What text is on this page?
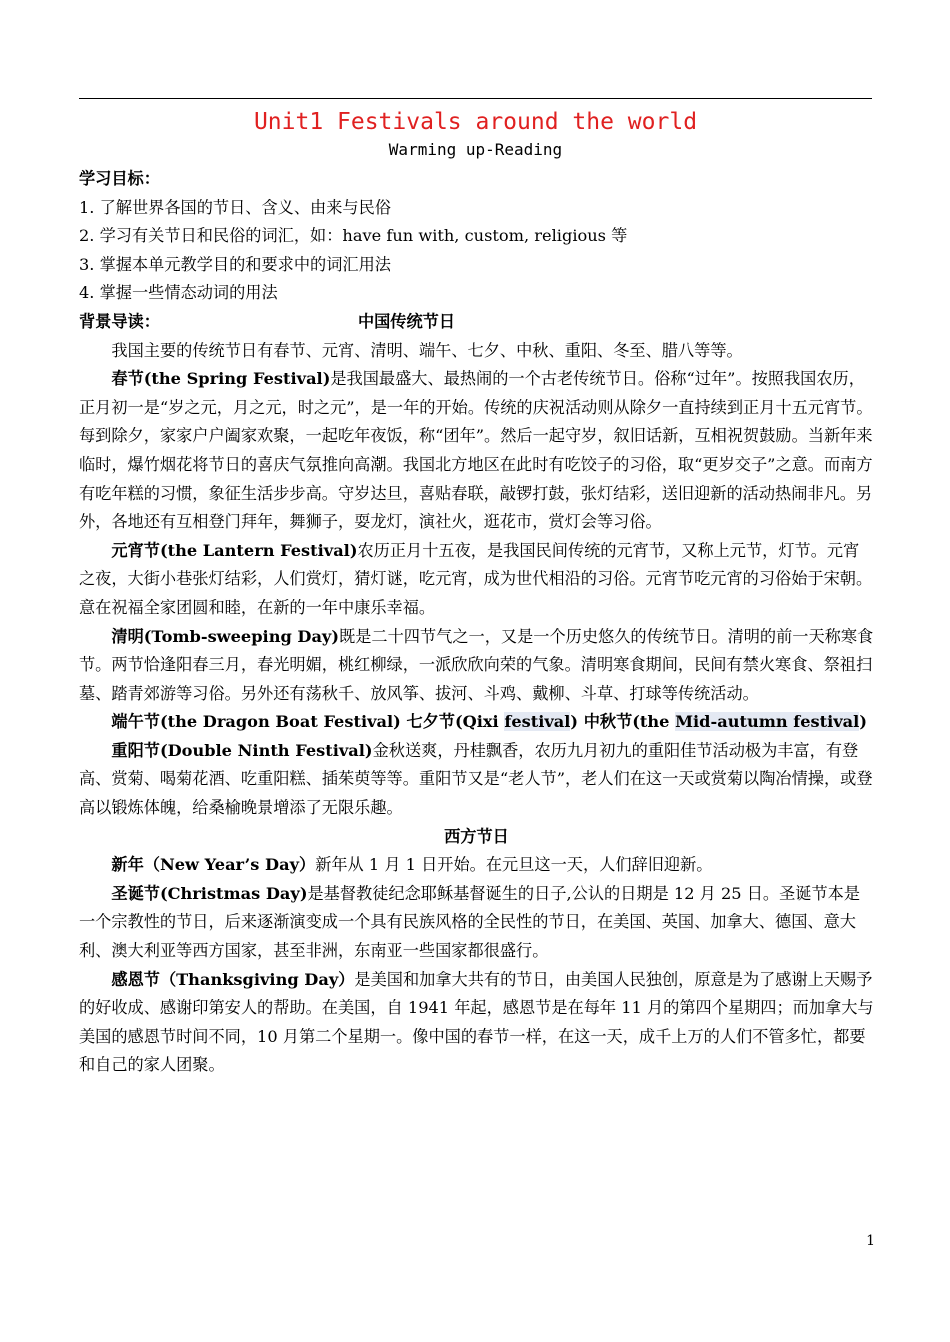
Unit1 Festivals around the world
Warming up-Reading

学习目标：

1. 了解世界各国的节日、含义、由来与民俗

2. 学习有关节日和民俗的词汇，如：have fun with, custom, religious 等

3. 掌握本单元教学目的和要求中的词汇用法

4. 掌握一些情态动词的用法

背景导读：	中国传统节日

我国主要的传统节日有春节、元宵、清明、端午、七夕、中秋、重阳、冬至、腊八等等。

春节(the Spring Festival)是我国最盛大、最热闹的一个古老传统节日。俗称“过年”。按照我国农历，正月初一是“岁之元，月之元，时之元”，是一年的开始。传统的庆祝活动则从除夕一直持续到正月十五元宵节。每到除夕，家家户户阖家欢聚，一起吃年夜饭，称“团年”。然后一起守岁，叙旧话新，互相祝贺鼓励。当新年来临时，爆竹烟花将节日的喜庆气氛推向高潮。我国北方地区在此时有吃饺子的习俗，取“更岁交子”之意。而南方有吃年糕的习惯，象征生活步步高。守岁达旦，喜贴春联，敲锣打鼓，张灯结彩，送旧迎新的活动热闹非凡。另外，各地还有互相登门拜年，舞狮子，耍龙灯，演社火，逛花市，赏灯会等习俗。

元宵节(the Lantern Festival)农历正月十五夜，是我国民间传统的元宵节，又称上元节，灯节。元宵之夜，大街小巷张灯结彩，人们赏灯，猜灯谜，吃元宵，成为世代相沿的习俗。元宵节吃元宵的习俗始于宋朝。意在祝福全家团圆和睦，在新的一年中康乐幸福。

清明(Tomb-sweeping Day)既是二十四节气之一，又是一个历史悠久的传统节日。清明的前一天称寒食节。两节恰逢阳春三月，春光明媚，桃红柳绿，一派欣欣向荣的气象。清明寒食期间，民间有禁火寒食、祭祖扫墓、踏青郊游等习俗。另外还有荡秋千、放风筝、拔河、斗鸡、戴柳、斗草、打球等传统活动。

端午节(the Dragon Boat Festival) 七夕节(Qixi festival) 中秋节(the Mid-autumn festival)

重阳节(Double Ninth Festival)金秋送爽，丹桂飘香，农历九月初九的重阳佳节活动极为丰富，有登高、赏菊、喝菊花酒、吃重阳糕、插茱萸等等。重阳节又是“老人节”，老人们在这一天或赏菊以陶冶情操，或登高以锻炼体魄，给桑榆晚景增添了无限乐趣。

西方节日

新年（New Year’s Day）新年从 1 月 1 日开始。在元旦这一天，人们辞旧迎新。

圣诞节(Christmas Day)是基督教徒纪念耶稣基督诞生的日子,公认的日期是 12 月 25 日。圣诞节本是一个宗教性的节日，后来逐渐演变成一个具有民族风格的全民性的节日，在美国、英国、加拿大、德国、意大利、澳大利亚等西方国家，甚至非洲，东南亚一些国家都很盛行。

感恩节（Thanksgiving Day）是美国和加拿大共有的节日，由美国人民独创，原意是为了感谢上天赐予的好收成、感谢印第安人的帮助。在美国，自 1941 年起，感恩节是在每年 11 月的第四个星期四；而加拿大与美国的感恩节时间不同，10 月第二个星期一。像中国的春节一样，在这一天，成千上万的人们不管多忙，都要和自己的家人团聚。

1
